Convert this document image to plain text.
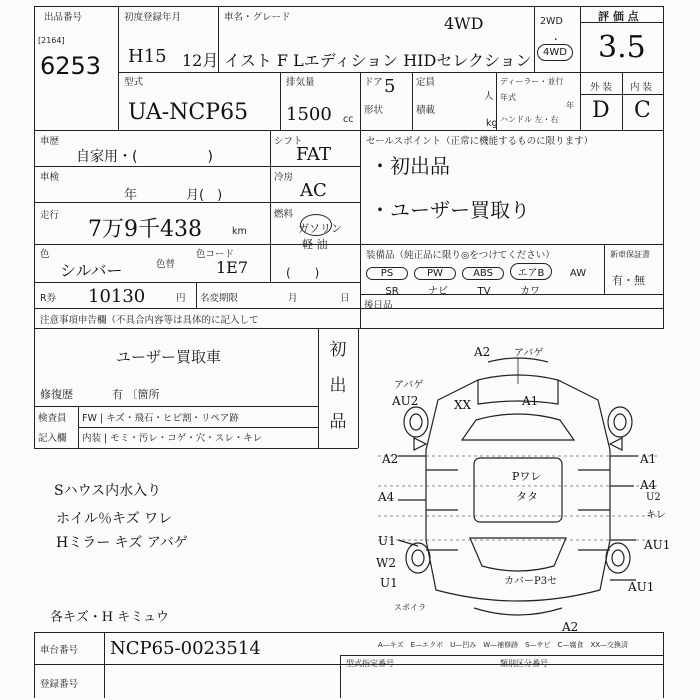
出品番号
[2164]
6253
初度登録年月
H15 12月
車名・グレード
イスト F Lエディション HIDセレクション
4WD	2WD
・
4WD
評 価 点
3.5
外 装 内 装
D C
型式
UA-NCP65
排気量
1500 cc
ドア 5 定員
人
形状	積載
kg
ディーラー・並行
年式
年
ハンドル 左・右
車歴
自家用・(　　　　　)
シフト
FAT
車検
年	月(　)
冷房
AC
走行
7万9千438	km
燃料
ガソリン
軽 油
色
シルバー	色替
色コード
1E7	(　　)
R券 10130	円 名変期限	月	日
セールスポイント（正常に機能するものに限ります）
・初出品
・ユーザー買取り
装備品（純正品に限り◎をつけてください）
PS	PW	ABS エアB	AW
SR	ナビ	TV	カワ
新車保証書
有・無
後日品
注意事項申告欄（不具合内容等は具体的に記入して
ユーザー買取車
修復歴	有 〔箇所
初
出
品
検査員
記入欄
FW | キズ・飛石・ヒビ割・リペア跡
内装 | モミ・汚レ・コゲ・穴・スレ・キレ
Sハウス内水入り
ホイル％キズ ワレ
Hミラー キズ アバゲ
各キズ・H キミュウ
A2 アバゲ
A1
アバゲ
AU2	XX
A2
A4
U1
W2
U1
スポイラ
A1
A4
U2
キレ
AU1
AU1
Pワレ
タタ
カバーP3セ
A2
A—キズ　E—エクボ　U—凹み　W—補修跡　S—サビ　C—腐食　XX—交換済
車台番号 NCP65-0023514
登録番号
型式指定番号	類別区分番号
